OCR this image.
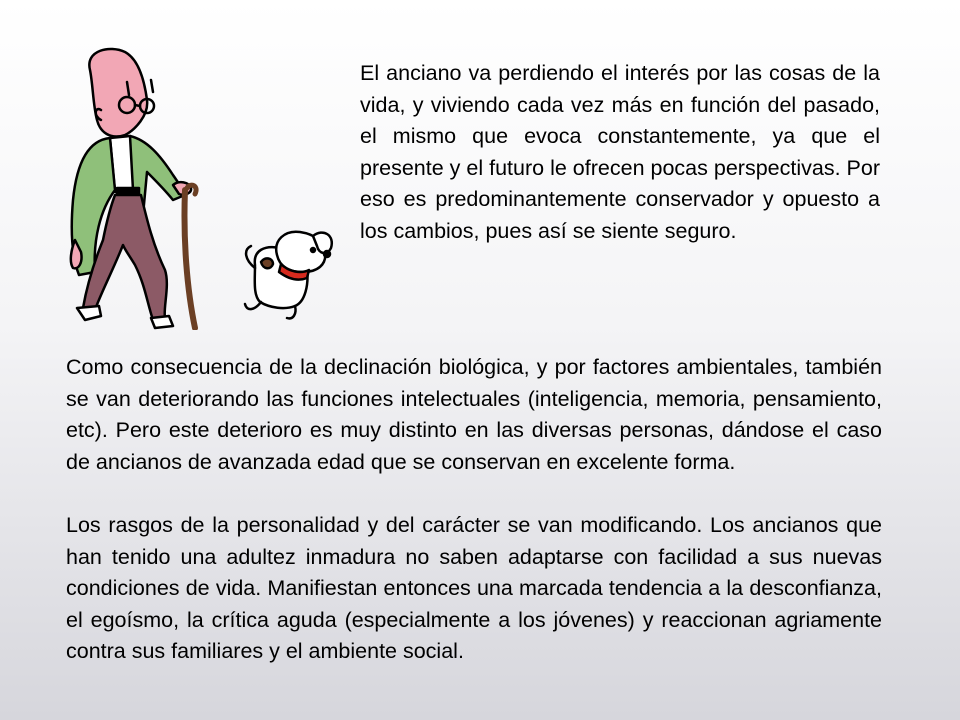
El anciano va perdiendo el interés por las cosas de la vida, y viviendo cada vez más en función del pasado, el mismo que evoca constantemente, ya que el presente y el futuro le ofrecen pocas perspectivas. Por eso es predominantemente conservador y opuesto a los cambios, pues así se siente seguro.

Como consecuencia de la declinación biológica, y por factores ambientales, también se van deteriorando las funciones intelectuales (inteligencia, memoria, pensamiento, etc). Pero este deterioro es muy distinto en las diversas personas, dándose el caso de ancianos de avanzada edad que se conservan en excelente forma.

Los rasgos de la personalidad y del carácter se van modificando. Los ancianos que han tenido una adultez inmadura no saben adaptarse con facilidad a sus nuevas condiciones de vida. Manifiestan entonces una marcada tendencia a la desconfianza, el egoísmo, la crítica aguda (especialmente a los jóvenes) y reaccionan agriamente contra sus familiares y el ambiente social.
